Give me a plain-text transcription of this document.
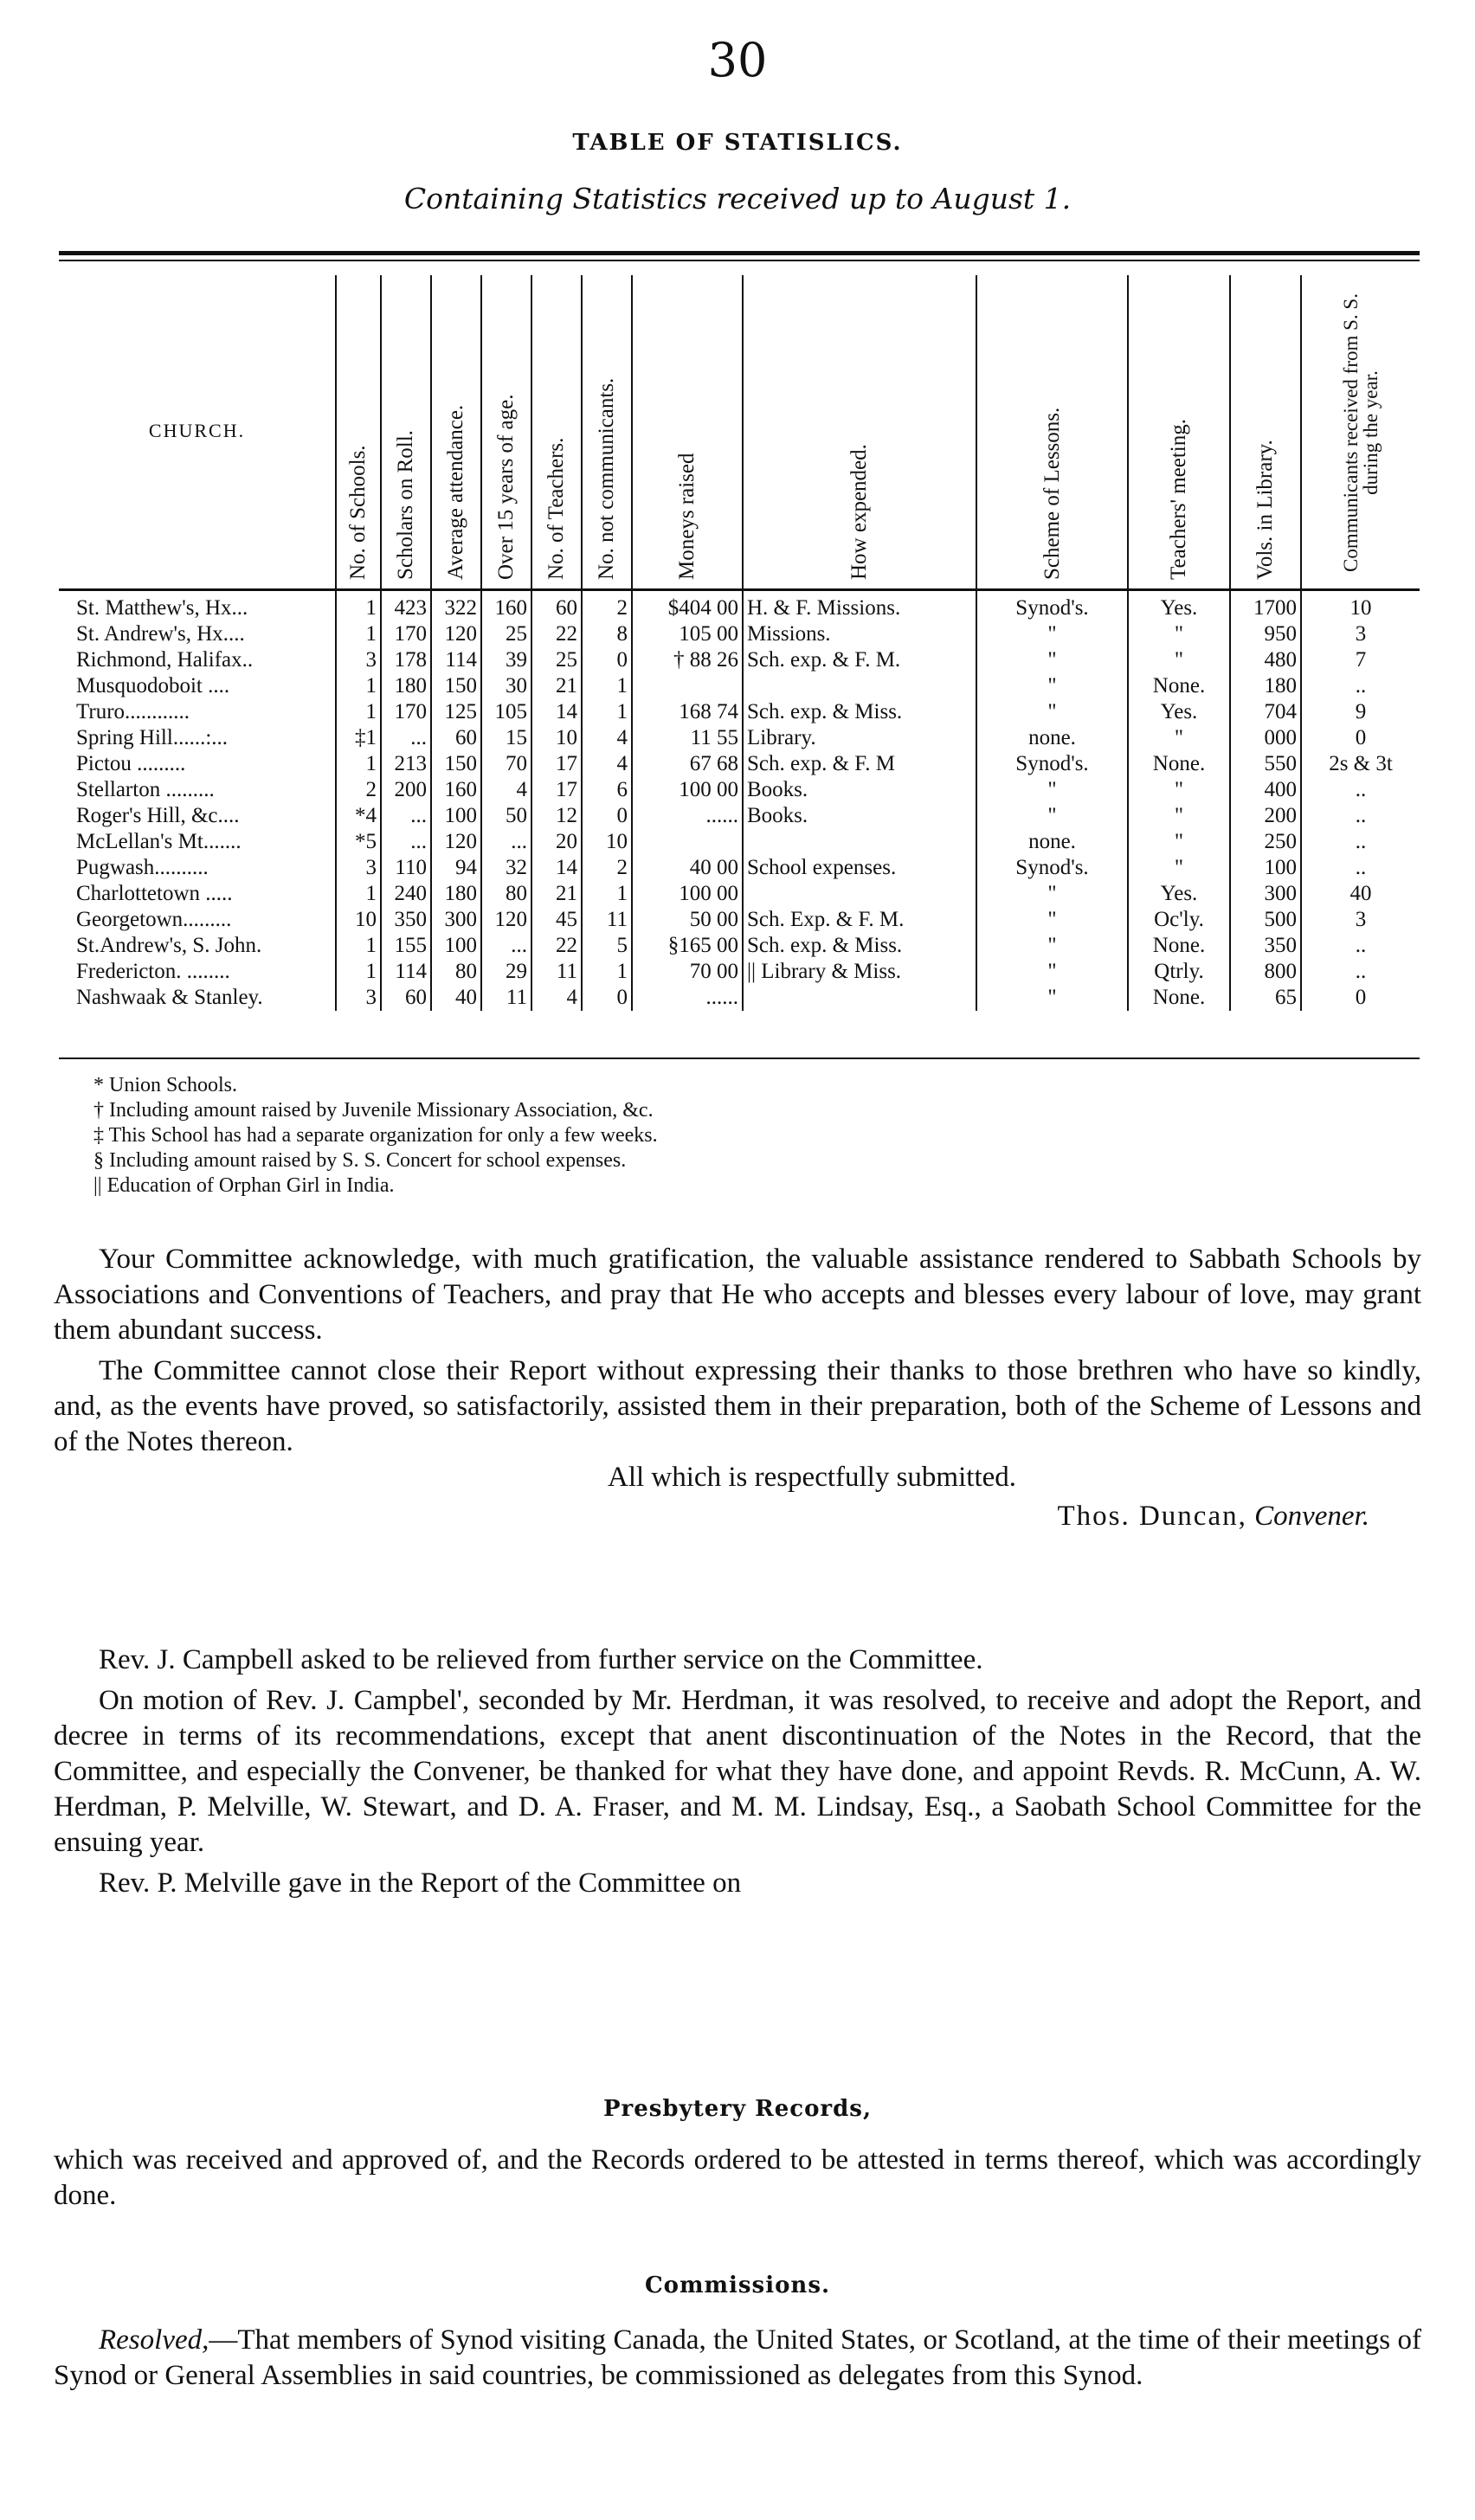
30
TABLE OF STATISLICS.
Containing Statistics received up to August 1.
CHURCH.	No. of Schools.	Scholars on Roll.	Average attendance.	Over 15 years of age.	No. of Teachers.	No. not communicants.	Moneys raised	How expended.	Scheme of Lessons.	Teachers' meeting.	Vols. in Library.	Communicants received from S. S. during the year.

St. Matthew's, Hx...	1	423	322	160	60	2	$404 00	H. & F. Missions.	Synod's.	Yes.	1700	10
St. Andrew's, Hx....	1	170	120	25	22	8	105 00	Missions.	"	"	950	3
Richmond, Halifax..	3	178	114	39	25	0	† 88 26	Sch. exp. & F. M.	"	"	480	7
Musquodoboit ....	1	180	150	30	21	1			"	None.	180	..
Truro............	1	170	125	105	14	1	168 74	Sch. exp. & Miss.	"	Yes.	704	9
Spring Hill......:...	‡1	...	60	15	10	4	11 55	Library.	none.	"	000	0
Pictou .........	1	213	150	70	17	4	67 68	Sch. exp. & F. M	Synod's.	None.	550	2s & 3t
Stellarton .........	2	200	160	4	17	6	100 00	Books.	"	"	400	..
Roger's Hill, &c....	*4	...	100	50	12	0	......	Books.	"	"	200	..
McLellan's Mt.......	*5	...	120	...	20	10			none.	"	250	..
Pugwash..........	3	110	94	32	14	2	40 00	School expenses.	Synod's.	"	100	..
Charlottetown .....	1	240	180	80	21	1	100 00		"	Yes.	300	40
Georgetown.........	10	350	300	120	45	11	50 00	Sch. Exp. & F. M.	"	Oc'ly.	500	3
St.Andrew's, S. John.	1	155	100	...	22	5	§165 00	Sch. exp. & Miss.	"	None.	350	..
Fredericton. ........	1	114	80	29	11	1	70 00	|| Library & Miss.	"	Qtrly.	800	..
Nashwaak & Stanley.	3	60	40	11	4	0	......		"	None.	65	0
* Union Schools.
† Including amount raised by Juvenile Missionary Association, &c.
‡ This School has had a separate organization for only a few weeks.
§ Including amount raised by S. S. Concert for school expenses.
|| Education of Orphan Girl in India.

Your Committee acknowledge, with much gratification, the valuable assistance rendered to Sabbath Schools by Associations and Conventions of Teachers, and pray that He who accepts and blesses every labour of love, may grant them abundant success.

The Committee cannot close their Report without expressing their thanks to those brethren who have so kindly, and, as the events have proved, so satisfactorily, assisted them in their preparation, both of the Scheme of Lessons and of the Notes thereon.

All which is respectfully submitted.

Thos. Duncan, Convener.

Rev. J. Campbell asked to be relieved from further service on the Committee.

On motion of Rev. J. Campbel', seconded by Mr. Herdman, it was resolved, to receive and adopt the Report, and decree in terms of its recommendations, except that anent discontinuation of the Notes in the Record, that the Committee, and especially the Convener, be thanked for what they have done, and appoint Revds. R. McCunn, A. W. Herdman, P. Melville, W. Stewart, and D. A. Fraser, and M. M. Lindsay, Esq., a Saobath School Committee for the ensuing year.

Rev. P. Melville gave in the Report of the Committee on

Presbytery Records,

which was received and approved of, and the Records ordered to be attested in terms thereof, which was accordingly done.

Commissions.

Resolved,—That members of Synod visiting Canada, the United States, or Scotland, at the time of their meetings of Synod or General Assemblies in said countries, be commissioned as delegates from this Synod.
